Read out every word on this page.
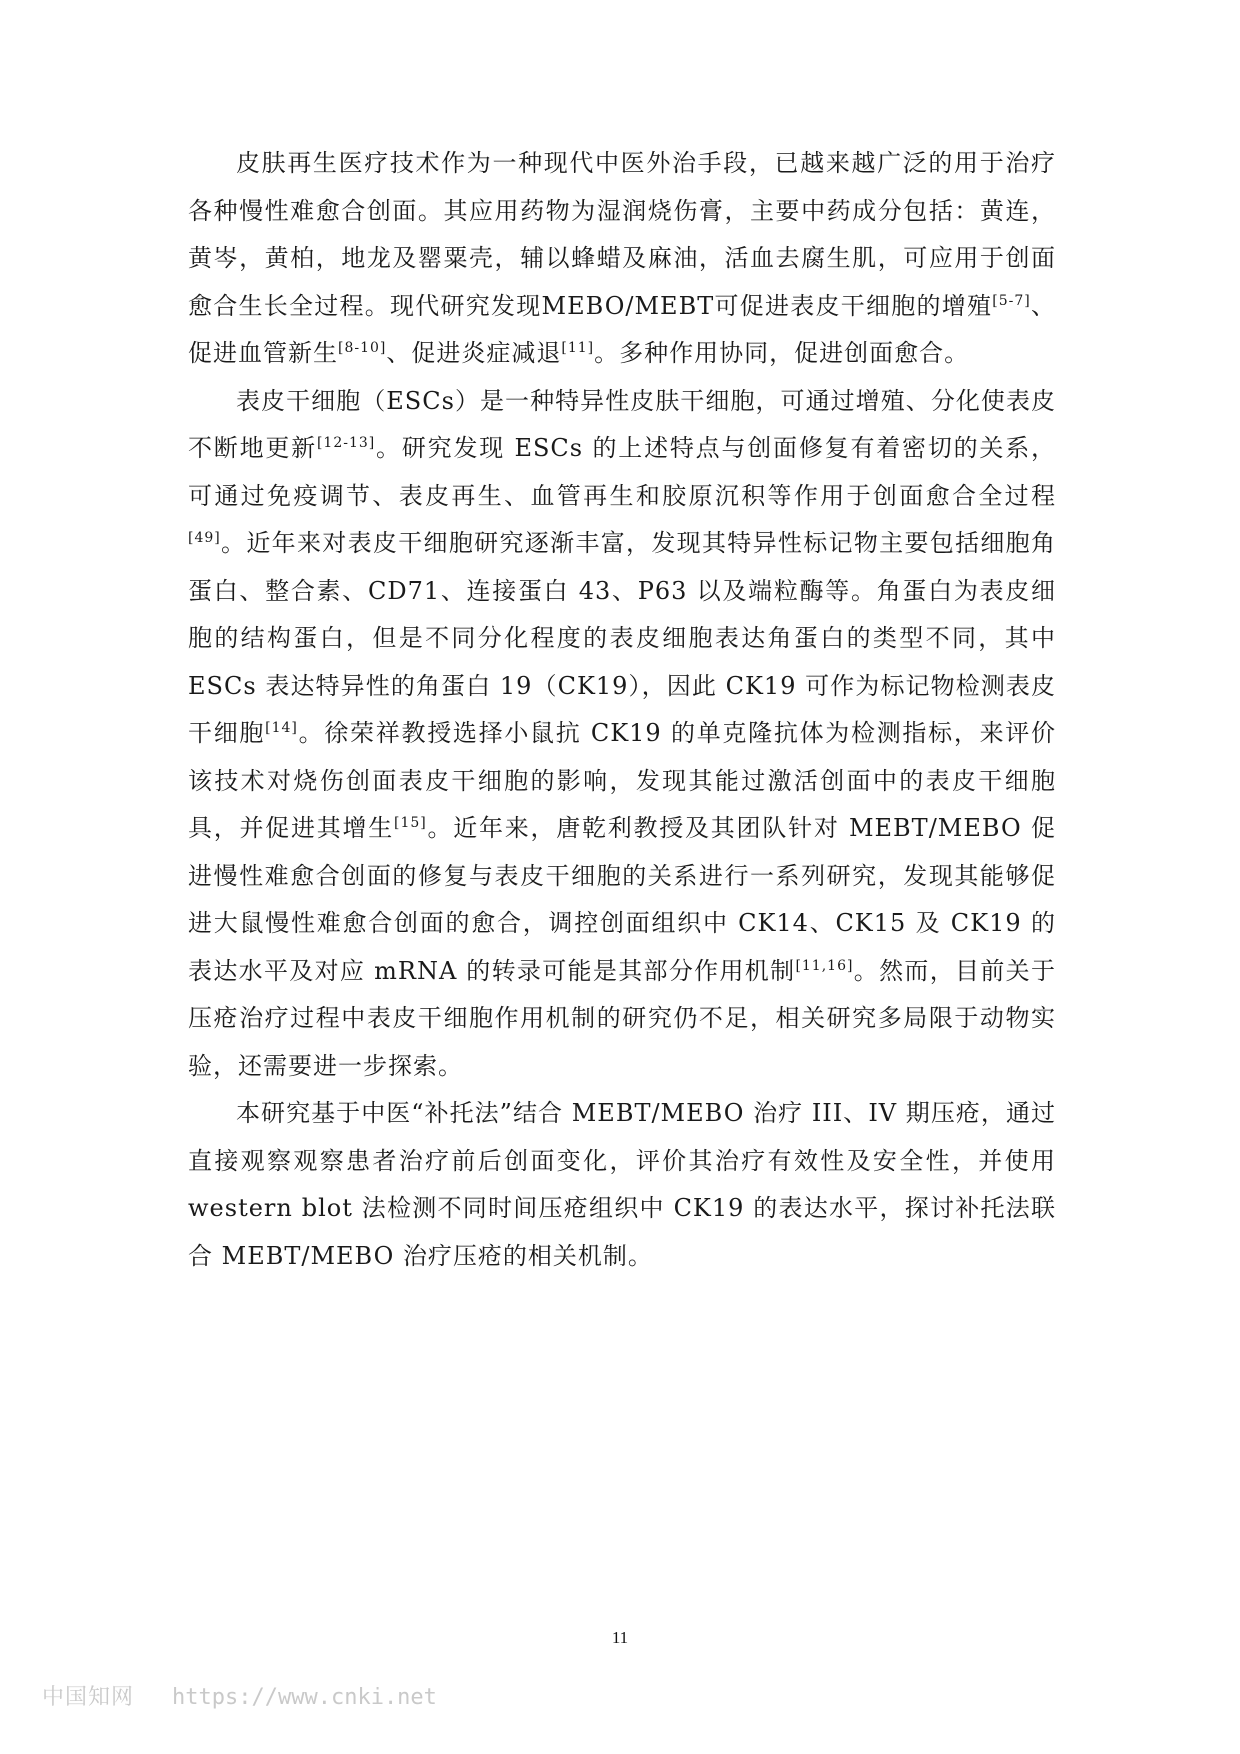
皮肤再生医疗技术作为一种现代中医外治手段，已越来越广泛的用于治疗各种慢性难愈合创面。其应用药物为湿润烧伤膏，主要中药成分包括：黄连，黄岑，黄柏，地龙及罂粟壳，辅以蜂蜡及麻油，活血去腐生肌，可应用于创面愈合生长全过程。现代研究发现MEBO/MEBT可促进表皮干细胞的增殖[5-7]、促进血管新生[8-10]、促进炎症减退[11]。多种作用协同，促进创面愈合。

表皮干细胞（ESCs）是一种特异性皮肤干细胞，可通过增殖、分化使表皮不断地更新[12-13]。研究发现 ESCs 的上述特点与创面修复有着密切的关系，可通过免疫调节、表皮再生、血管再生和胶原沉积等作用于创面愈合全过程[49]。近年来对表皮干细胞研究逐渐丰富，发现其特异性标记物主要包括细胞角蛋白、整合素、CD71、连接蛋白 43、P63 以及端粒酶等。角蛋白为表皮细胞的结构蛋白，但是不同分化程度的表皮细胞表达角蛋白的类型不同，其中 ESCs 表达特异性的角蛋白 19（CK19），因此 CK19 可作为标记物检测表皮干细胞[14]。徐荣祥教授选择小鼠抗 CK19 的单克隆抗体为检测指标，来评价该技术对烧伤创面表皮干细胞的影响，发现其能过激活创面中的表皮干细胞具，并促进其增生[15]。近年来，唐乾利教授及其团队针对 MEBT/MEBO 促进慢性难愈合创面的修复与表皮干细胞的关系进行一系列研究，发现其能够促进大鼠慢性难愈合创面的愈合，调控创面组织中 CK14、CK15 及 CK19 的表达水平及对应 mRNA 的转录可能是其部分作用机制[11,16]。然而，目前关于压疮治疗过程中表皮干细胞作用机制的研究仍不足，相关研究多局限于动物实验，还需要进一步探索。

本研究基于中医“补托法”结合 MEBT/MEBO 治疗 III、IV 期压疮，通过直接观察观察患者治疗前后创面变化，评价其治疗有效性及安全性，并使用 western blot 法检测不同时间压疮组织中 CK19 的表达水平，探讨补托法联合 MEBT/MEBO 治疗压疮的相关机制。

11
中国知网 https://www.cnki.net
